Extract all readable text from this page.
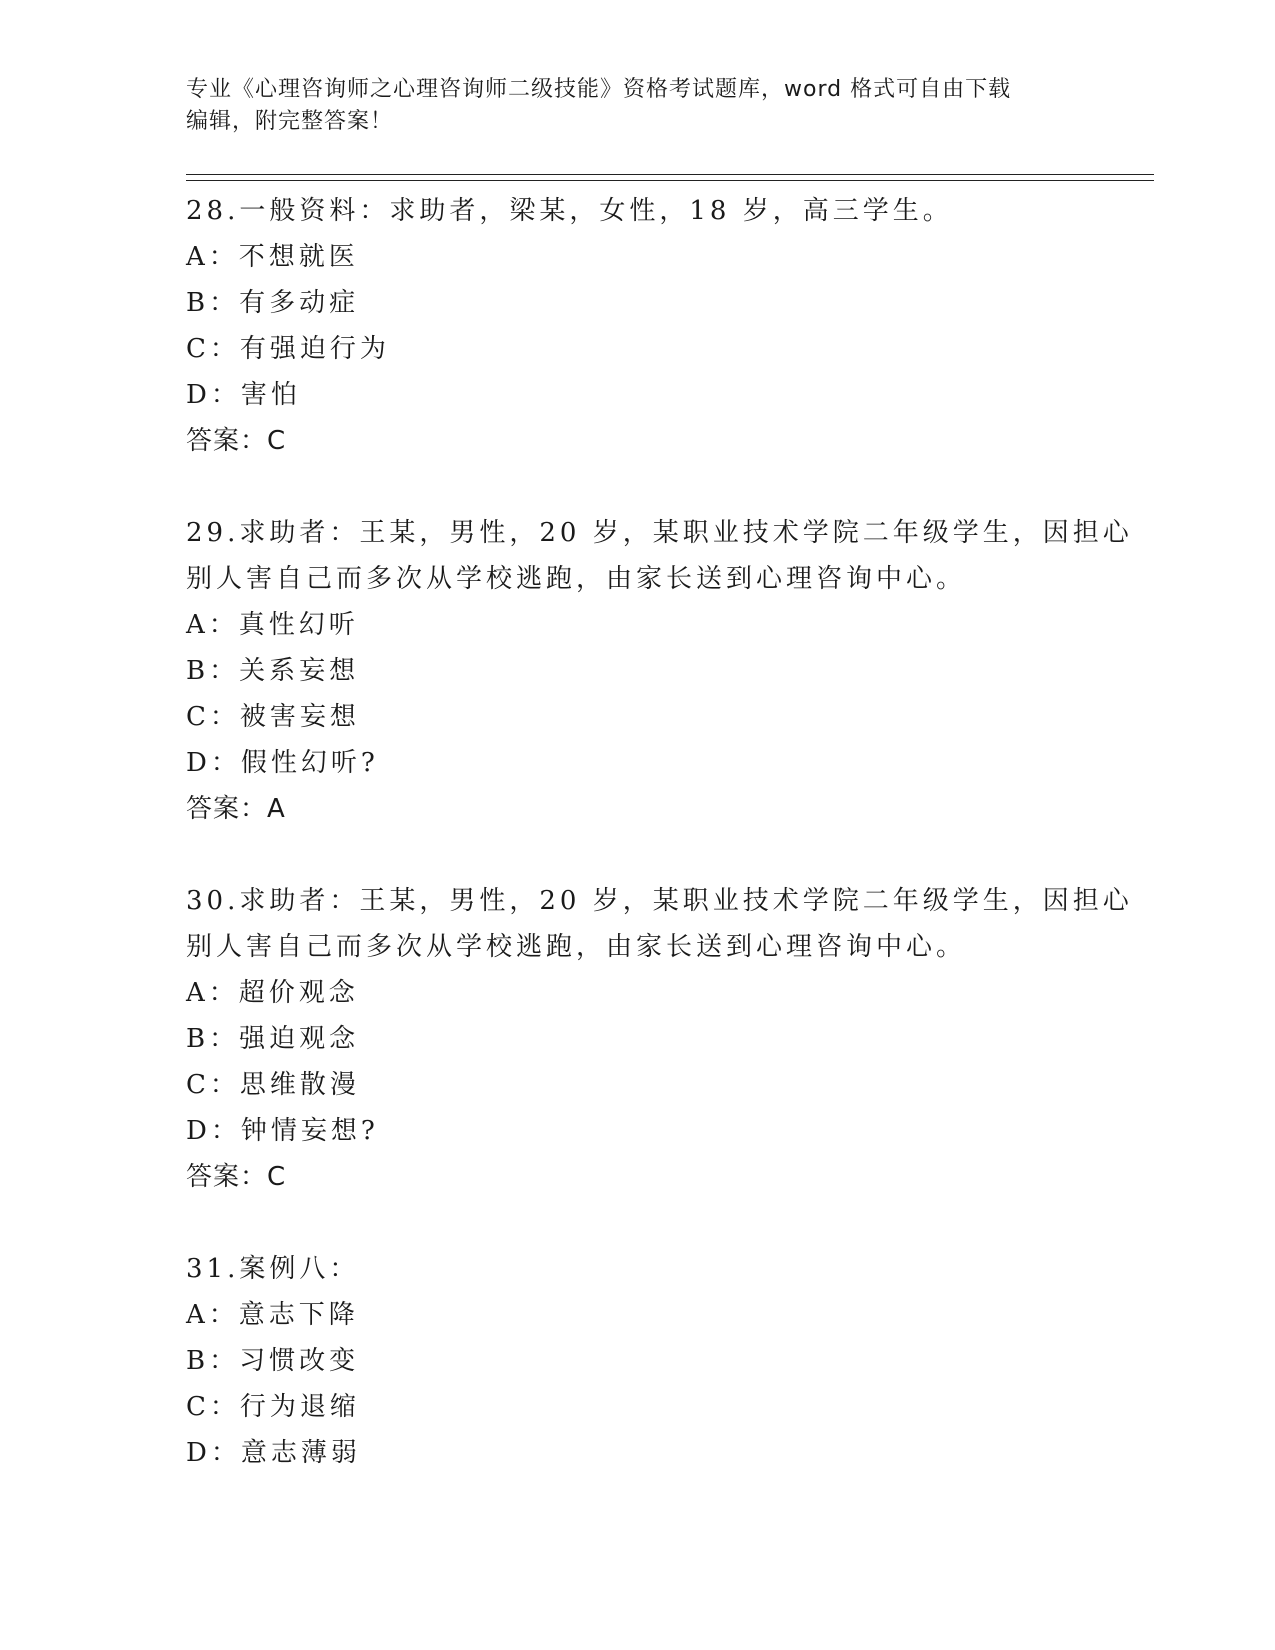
专业《心理咨询师之心理咨询师二级技能》资格考试题库，word 格式可自由下载
编辑，附完整答案！
28.一般资料：求助者，梁某，女性，18 岁，高三学生。
A：不想就医
B：有多动症
C：有强迫行为
D：害怕
答案：C
29.求助者：王某，男性，20 岁，某职业技术学院二年级学生，因担心
别人害自己而多次从学校逃跑，由家长送到心理咨询中心。
A：真性幻听
B：关系妄想
C：被害妄想
D：假性幻听?
答案：A
30.求助者：王某，男性，20 岁，某职业技术学院二年级学生，因担心
别人害自己而多次从学校逃跑，由家长送到心理咨询中心。
A：超价观念
B：强迫观念
C：思维散漫
D：钟情妄想?
答案：C
31.案例八：
A：意志下降
B：习惯改变
C：行为退缩
D：意志薄弱
